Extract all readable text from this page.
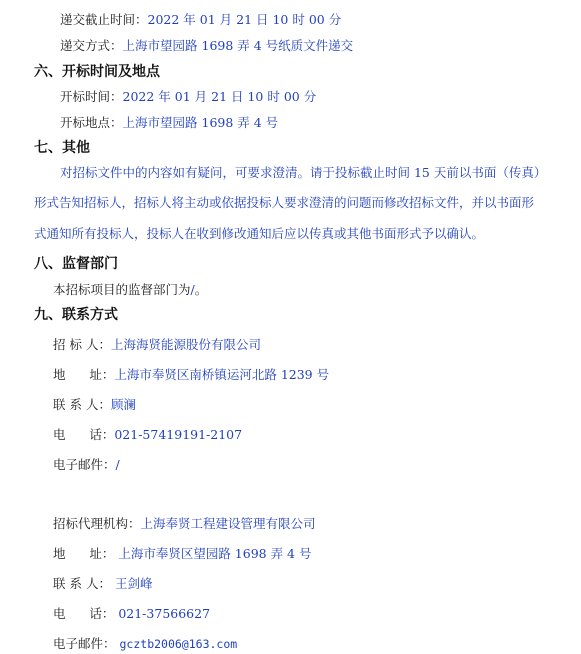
递交截止时间：2022 年 01 月 21 日 10 时 00 分
递交方式：上海市望园路 1698 弄 4 号纸质文件递交
六、开标时间及地点
开标时间：2022 年 01 月 21 日 10 时 00 分
开标地点：上海市望园路 1698 弄 4 号
七、其他
对招标文件中的内容如有疑问，可要求澄清。请于投标截止时间 15 天前以书面（传真）
形式告知招标人，招标人将主动或依据投标人要求澄清的问题而修改招标文件，并以书面形
式通知所有投标人，投标人在收到修改通知后应以传真或其他书面形式予以确认。
八、监督部门
本招标项目的监督部门为/。
九、联系方式
招 标 人：上海海贤能源股份有限公司
地      址：上海市奉贤区南桥镇运河北路 1239 号
联 系 人：顾澜
电      话：021-57419191-2107
电子邮件：/
招标代理机构：上海奉贤工程建设管理有限公司
地      址： 上海市奉贤区望园路 1698 弄 4 号
联 系 人： 王剑峰
电      话： 021-37566627
电子邮件： gcztb2006@163.com
